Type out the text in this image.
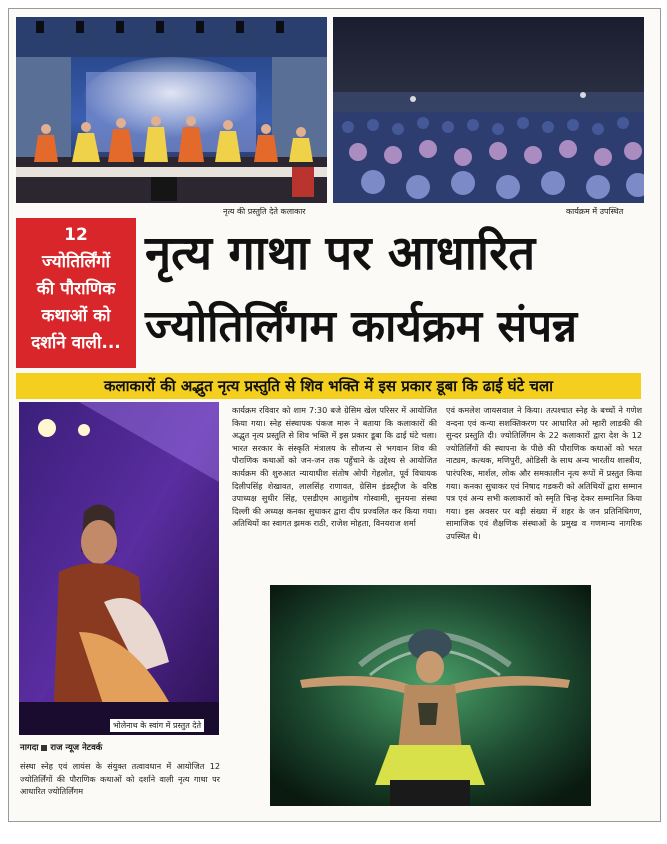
नृत्य की प्रस्तुति देते कलाकार	कार्यक्रम में उपस्थित
12
ज्योतिर्लिंगों
की पौराणिक
कथाओं को
दर्शाने वाली...
नृत्य गाथा पर आधारित
ज्योतिर्लिंगम कार्यक्रम संपन्न
कलाकारों की अद्भुत नृत्य प्रस्तुति से शिव भक्ति में इस प्रकार डूबा कि ढाई घंटे चला
भोलेनाथ के स्वांग में प्रस्तुत देते
नागदा राज न्यूज नेटवर्क
संस्था स्नेह एवं लायंस के संयुक्त तत्वावधान में आयोजित 12 ज्योतिर्लिंगों की पौराणिक कथाओं को दर्शाने वाली नृत्य गाथा पर आधारित ज्योतिर्लिंगम
कार्यक्रम रविवार को शाम 7:30 बजे ग्रेसिम खेल परिसर में आयोजित किया गया। स्नेह संस्थापक पंकज मारू ने बताया कि कलाकारों की अद्भुत नृत्य प्रस्तुति से शिव भक्ति में इस प्रकार डूबा कि ढाई घंटे चला। भारत सरकार के संस्कृति मंत्रालय के सौजन्य से भगवान शिव की पौराणिक कथाओं को जन-जन तक पहुँचाने के उद्देश्य से आयोजित कार्यक्रम की शुरुआत न्यायाधीश संतोष ओपी गेहलोत, पूर्व विधायक दिलीपसिंह शेखावत, लालसिंह राणावत, ग्रेसिम इंडस्ट्रीज के वरिष्ठ उपाध्यक्ष सुधीर सिंह, एसडीएम आशुतोष गोस्वामी, सुनयना संस्था दिल्ली की अध्यक्ष कनका सुधाकर द्वारा दीप प्रज्वलित कर किया गया। अतिथियों का स्वागत झमक राठी, राजेश मोहता, विनयराज शर्मा
एवं कमलेश जायसवाल ने किया। तत्पश्चात स्नेह के बच्चों ने गणेश वन्दना एवं कन्या सशक्तिकरण पर आधारित ओ म्हारी लाडकी की सुन्दर प्रस्तुति दी। ज्योतिर्लिंगम के 22 कलाकारों द्वारा देश के 12 ज्योतिर्लिंगों की स्थापना के पीछे की पौराणिक कथाओं को भरत नाट्यम, कत्थक, मणिपुरी, ओडिसी के साथ अन्य भारतीय शास्त्रीय, पारंपरिक, मार्शल, लोक और समकालीन नृत्य रूपों में प्रस्तुत किया गया। कनका सुधाकर एवं निषाद गडकरी को अतिथियों द्वारा सम्मान पत्र एवं अन्य सभी कलाकारों को स्मृति चिन्ह देकर सम्मानित किया गया। इस अवसर पर बड़ी संख्या में शहर के जन प्रतिनिधिगण, सामाजिक एवं शैक्षणिक संस्थाओं के प्रमुख व गणमान्य नागरिक उपस्थित थे।
